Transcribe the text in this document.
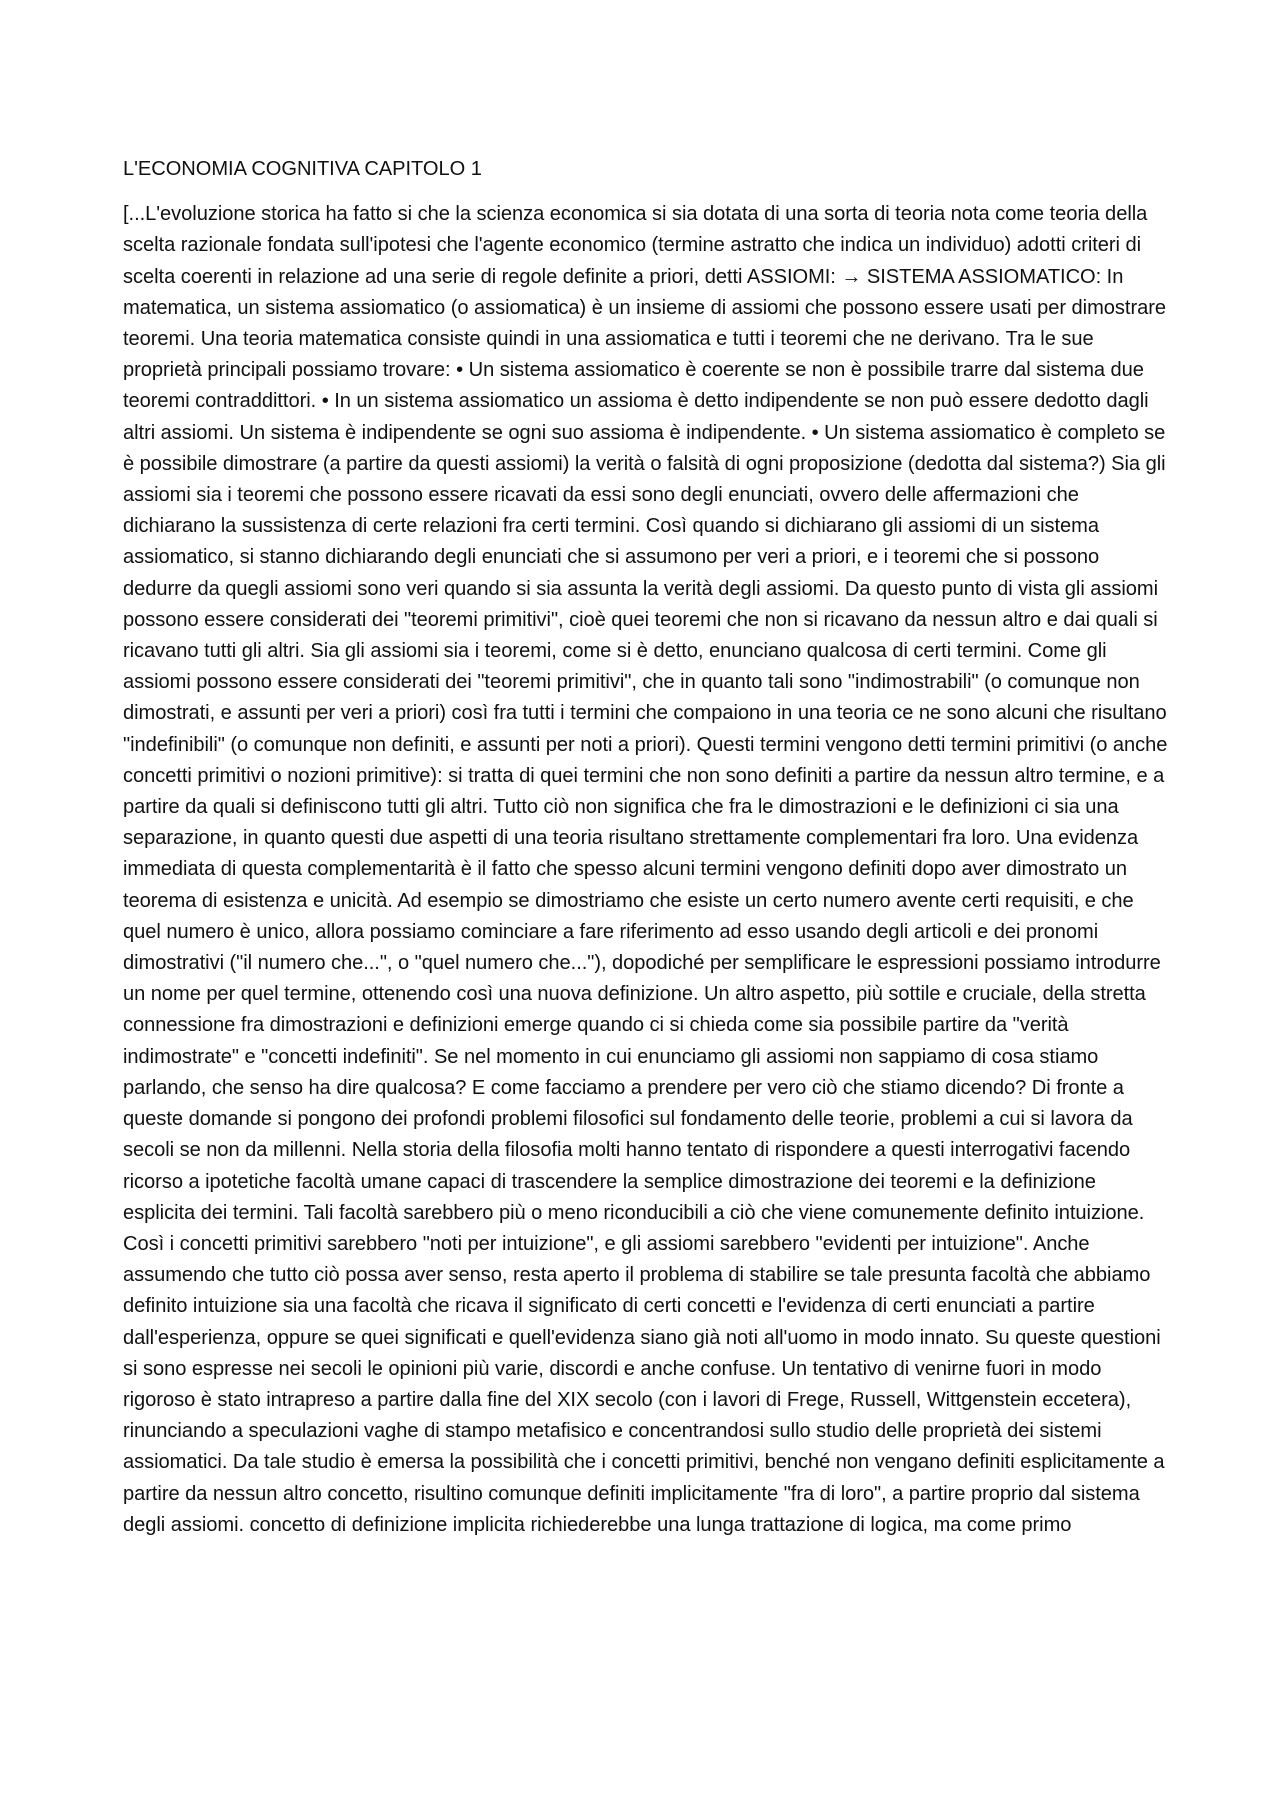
L'ECONOMIA COGNITIVA CAPITOLO 1

[...L'evoluzione storica ha fatto si che la scienza economica si sia dotata di una sorta di teoria nota come teoria della scelta razionale fondata sull'ipotesi che l'agente economico (termine astratto che indica un individuo) adotti criteri di scelta coerenti in relazione ad una serie di regole definite a priori, detti ASSIOMI: → SISTEMA ASSIOMATICO: In matematica, un sistema assiomatico (o assiomatica) è un insieme di assiomi che possono essere usati per dimostrare teoremi. Una teoria matematica consiste quindi in una assiomatica e tutti i teoremi che ne derivano. Tra le sue proprietà principali possiamo trovare: • Un sistema assiomatico è coerente se non è possibile trarre dal sistema due teoremi contraddittori. • In un sistema assiomatico un assioma è detto indipendente se non può essere dedotto dagli altri assiomi. Un sistema è indipendente se ogni suo assioma è indipendente. • Un sistema assiomatico è completo se è possibile dimostrare (a partire da questi assiomi) la verità o falsità di ogni proposizione (dedotta dal sistema?) Sia gli assiomi sia i teoremi che possono essere ricavati da essi sono degli enunciati, ovvero delle affermazioni che dichiarano la sussistenza di certe relazioni fra certi termini. Così quando si dichiarano gli assiomi di un sistema assiomatico, si stanno dichiarando degli enunciati che si assumono per veri a priori, e i teoremi che si possono dedurre da quegli assiomi sono veri quando si sia assunta la verità degli assiomi. Da questo punto di vista gli assiomi possono essere considerati dei "teoremi primitivi", cioè quei teoremi che non si ricavano da nessun altro e dai quali si ricavano tutti gli altri. Sia gli assiomi sia i teoremi, come si è detto, enunciano qualcosa di certi termini. Come gli assiomi possono essere considerati dei "teoremi primitivi", che in quanto tali sono "indimostrabili" (o comunque non dimostrati, e assunti per veri a priori) così fra tutti i termini che compaiono in una teoria ce ne sono alcuni che risultano "indefinibili" (o comunque non definiti, e assunti per noti a priori). Questi termini vengono detti termini primitivi (o anche concetti primitivi o nozioni primitive): si tratta di quei termini che non sono definiti a partire da nessun altro termine, e a partire da quali si definiscono tutti gli altri. Tutto ciò non significa che fra le dimostrazioni e le definizioni ci sia una separazione, in quanto questi due aspetti di una teoria risultano strettamente complementari fra loro. Una evidenza immediata di questa complementarità è il fatto che spesso alcuni termini vengono definiti dopo aver dimostrato un teorema di esistenza e unicità. Ad esempio se dimostriamo che esiste un certo numero avente certi requisiti, e che quel numero è unico, allora possiamo cominciare a fare riferimento ad esso usando degli articoli e dei pronomi dimostrativi ("il numero che...", o "quel numero che..."), dopodiché per semplificare le espressioni possiamo introdurre un nome per quel termine, ottenendo così una nuova definizione. Un altro aspetto, più sottile e cruciale, della stretta connessione fra dimostrazioni e definizioni emerge quando ci si chieda come sia possibile partire da "verità indimostrate" e "concetti indefiniti". Se nel momento in cui enunciamo gli assiomi non sappiamo di cosa stiamo parlando, che senso ha dire qualcosa? E come facciamo a prendere per vero ciò che stiamo dicendo? Di fronte a queste domande si pongono dei profondi problemi filosofici sul fondamento delle teorie, problemi a cui si lavora da secoli se non da millenni. Nella storia della filosofia molti hanno tentato di rispondere a questi interrogativi facendo ricorso a ipotetiche facoltà umane capaci di trascendere la semplice dimostrazione dei teoremi e la definizione esplicita dei termini. Tali facoltà sarebbero più o meno riconducibili a ciò che viene comunemente definito intuizione. Così i concetti primitivi sarebbero "noti per intuizione", e gli assiomi sarebbero "evidenti per intuizione". Anche assumendo che tutto ciò possa aver senso, resta aperto il problema di stabilire se tale presunta facoltà che abbiamo definito intuizione sia una facoltà che ricava il significato di certi concetti e l'evidenza di certi enunciati a partire dall'esperienza, oppure se quei significati e quell'evidenza siano già noti all'uomo in modo innato. Su queste questioni si sono espresse nei secoli le opinioni più varie, discordi e anche confuse. Un tentativo di venirne fuori in modo rigoroso è stato intrapreso a partire dalla fine del XIX secolo (con i lavori di Frege, Russell, Wittgenstein eccetera), rinunciando a speculazioni vaghe di stampo metafisico e concentrandosi sullo studio delle proprietà dei sistemi assiomatici. Da tale studio è emersa la possibilità che i concetti primitivi, benché non vengano definiti esplicitamente a partire da nessun altro concetto, risultino comunque definiti implicitamente "fra di loro", a partire proprio dal sistema degli assiomi. concetto di definizione implicita richiederebbe una lunga trattazione di logica, ma come primo
